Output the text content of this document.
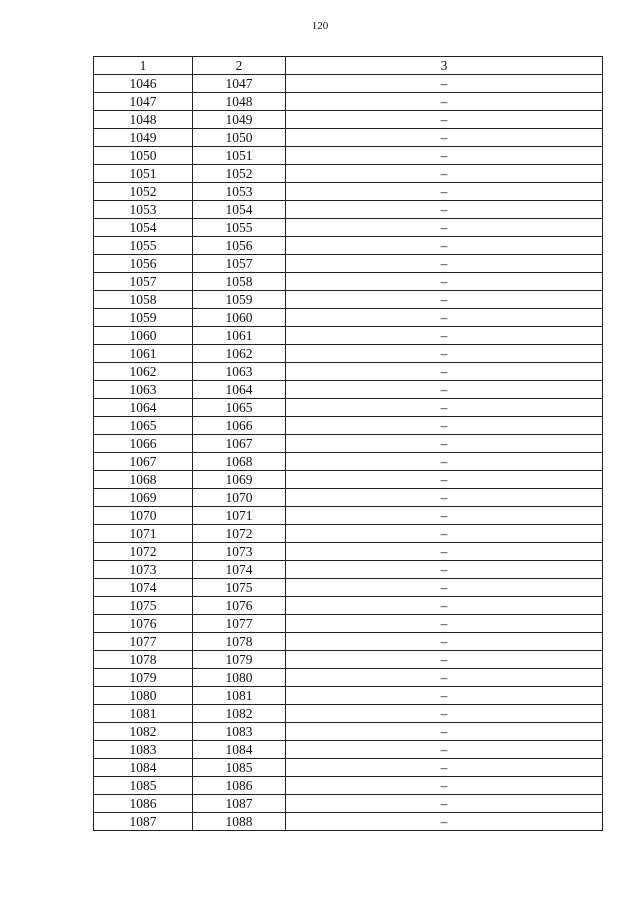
120
1	2	3
1046	1047	–
1047	1048	–
1048	1049	–
1049	1050	–
1050	1051	–
1051	1052	–
1052	1053	–
1053	1054	–
1054	1055	–
1055	1056	–
1056	1057	–
1057	1058	–
1058	1059	–
1059	1060	–
1060	1061	–
1061	1062	–
1062	1063	–
1063	1064	–
1064	1065	–
1065	1066	–
1066	1067	–
1067	1068	–
1068	1069	–
1069	1070	–
1070	1071	–
1071	1072	–
1072	1073	–
1073	1074	–
1074	1075	–
1075	1076	–
1076	1077	–
1077	1078	–
1078	1079	–
1079	1080	–
1080	1081	–
1081	1082	–
1082	1083	–
1083	1084	–
1084	1085	–
1085	1086	–
1086	1087	–
1087	1088	–
